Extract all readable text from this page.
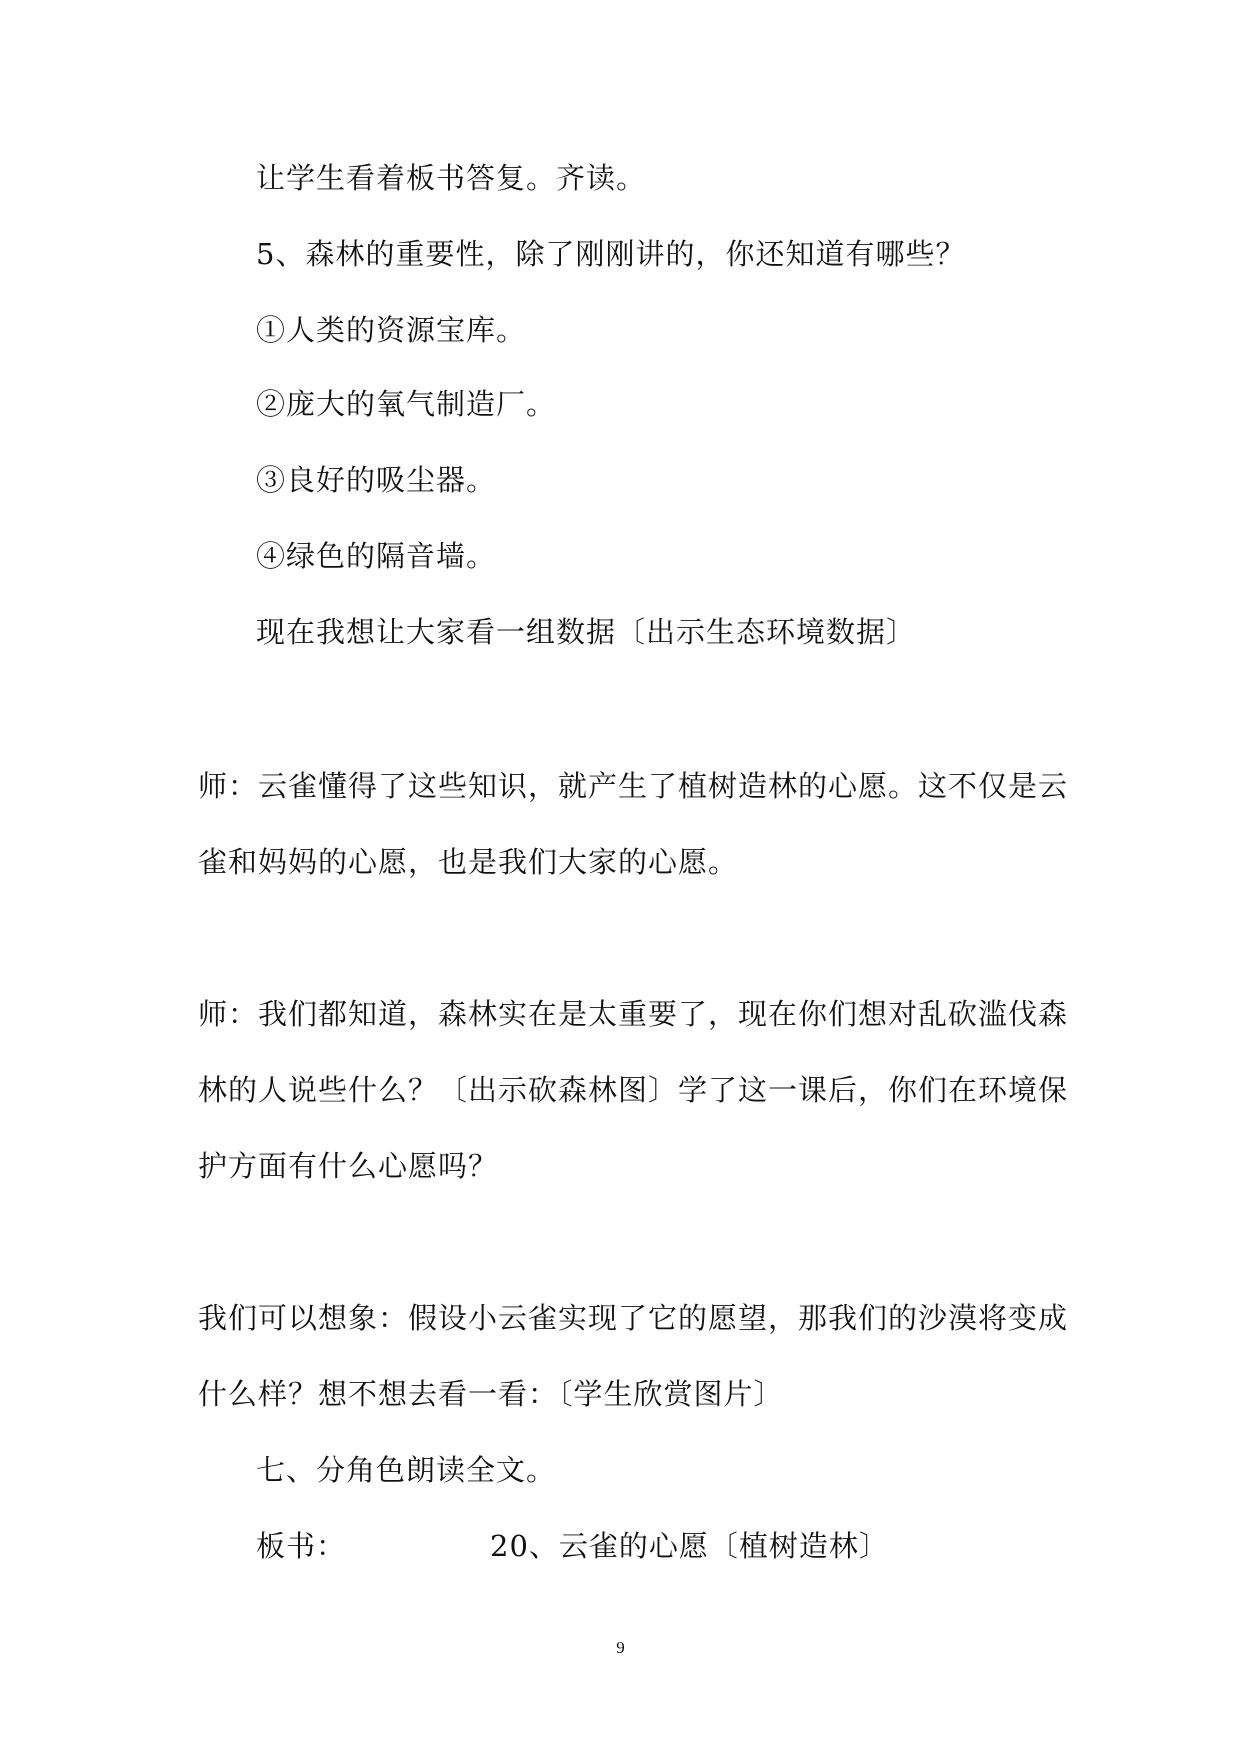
让学生看着板书答复。齐读。
5、森林的重要性，除了刚刚讲的，你还知道有哪些？
①人类的资源宝库。
②庞大的氧气制造厂。
③良好的吸尘器。
④绿色的隔音墙。
现在我想让大家看一组数据〔出示生态环境数据〕
师：云雀懂得了这些知识，就产生了植树造林的心愿。这不仅是云
雀和妈妈的心愿，也是我们大家的心愿。
师：我们都知道，森林实在是太重要了，现在你们想对乱砍滥伐森
林的人说些什么？〔出示砍森林图〕学了这一课后，你们在环境保
护方面有什么心愿吗？
我们可以想象：假设小云雀实现了它的愿望，那我们的沙漠将变成
什么样？想不想去看一看：〔学生欣赏图片〕
七、分角色朗读全文。
板书：	20、云雀的心愿〔植树造林〕
9
